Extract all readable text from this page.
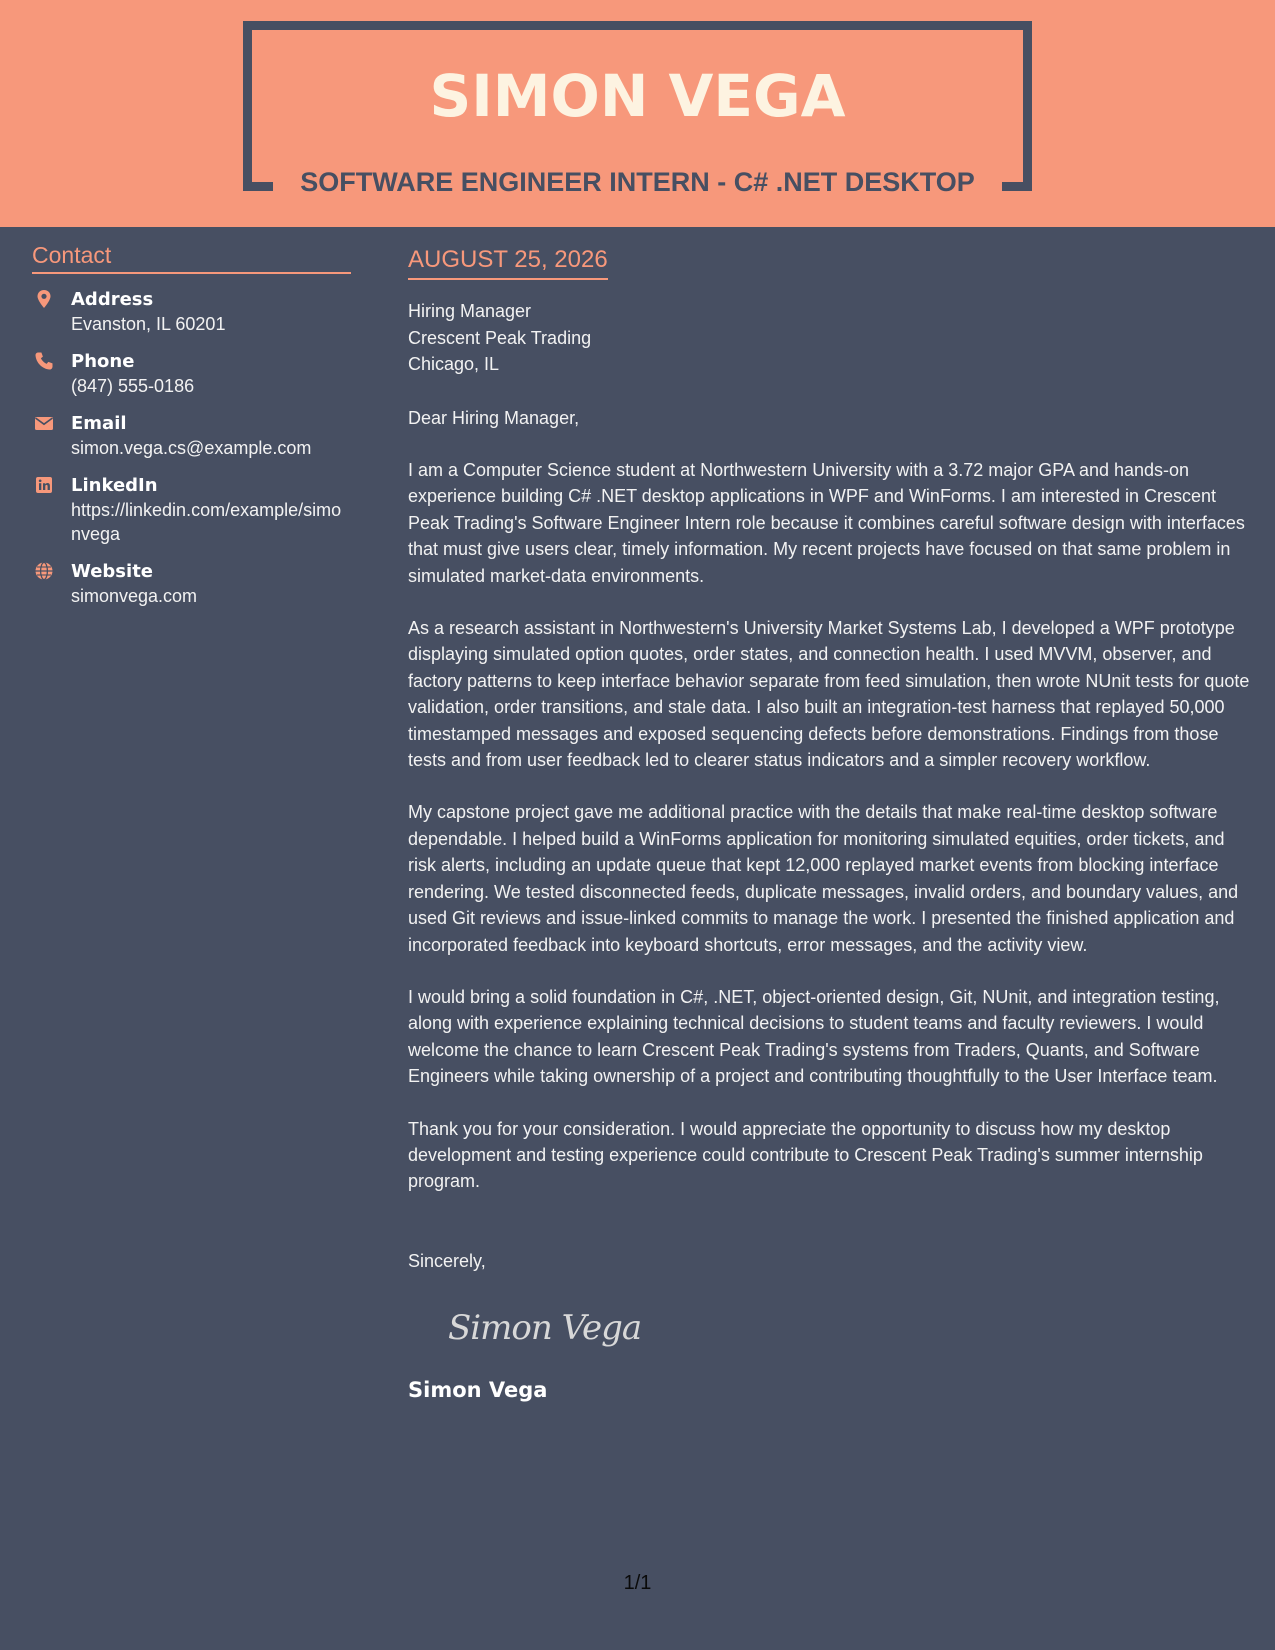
SIMON VEGA
SOFTWARE ENGINEER INTERN - C# .NET DESKTOP
Contact
Address
Evanston, IL 60201
Phone
(847) 555-0186
Email
simon.vega.cs@example.com
LinkedIn
https://linkedin.com/example/simonvega
Website
simonvega.com
AUGUST 25, 2026
Hiring Manager
Crescent Peak Trading
Chicago, IL
Dear Hiring Manager,
I am a Computer Science student at Northwestern University with a 3.72 major GPA and hands-on experience building C# .NET desktop applications in WPF and WinForms. I am interested in Crescent Peak Trading's Software Engineer Intern role because it combines careful software design with interfaces that must give users clear, timely information. My recent projects have focused on that same problem in simulated market-data environments.
As a research assistant in Northwestern's University Market Systems Lab, I developed a WPF prototype displaying simulated option quotes, order states, and connection health. I used MVVM, observer, and factory patterns to keep interface behavior separate from feed simulation, then wrote NUnit tests for quote validation, order transitions, and stale data. I also built an integration-test harness that replayed 50,000 timestamped messages and exposed sequencing defects before demonstrations. Findings from those tests and from user feedback led to clearer status indicators and a simpler recovery workflow.
My capstone project gave me additional practice with the details that make real-time desktop software dependable. I helped build a WinForms application for monitoring simulated equities, order tickets, and risk alerts, including an update queue that kept 12,000 replayed market events from blocking interface rendering. We tested disconnected feeds, duplicate messages, invalid orders, and boundary values, and used Git reviews and issue-linked commits to manage the work. I presented the finished application and incorporated feedback into keyboard shortcuts, error messages, and the activity view.
I would bring a solid foundation in C#, .NET, object-oriented design, Git, NUnit, and integration testing, along with experience explaining technical decisions to student teams and faculty reviewers. I would welcome the chance to learn Crescent Peak Trading's systems from Traders, Quants, and Software Engineers while taking ownership of a project and contributing thoughtfully to the User Interface team.
Thank you for your consideration. I would appreciate the opportunity to discuss how my desktop development and testing experience could contribute to Crescent Peak Trading's summer internship program.
Sincerely,
Simon Vega
Simon Vega
1/1
